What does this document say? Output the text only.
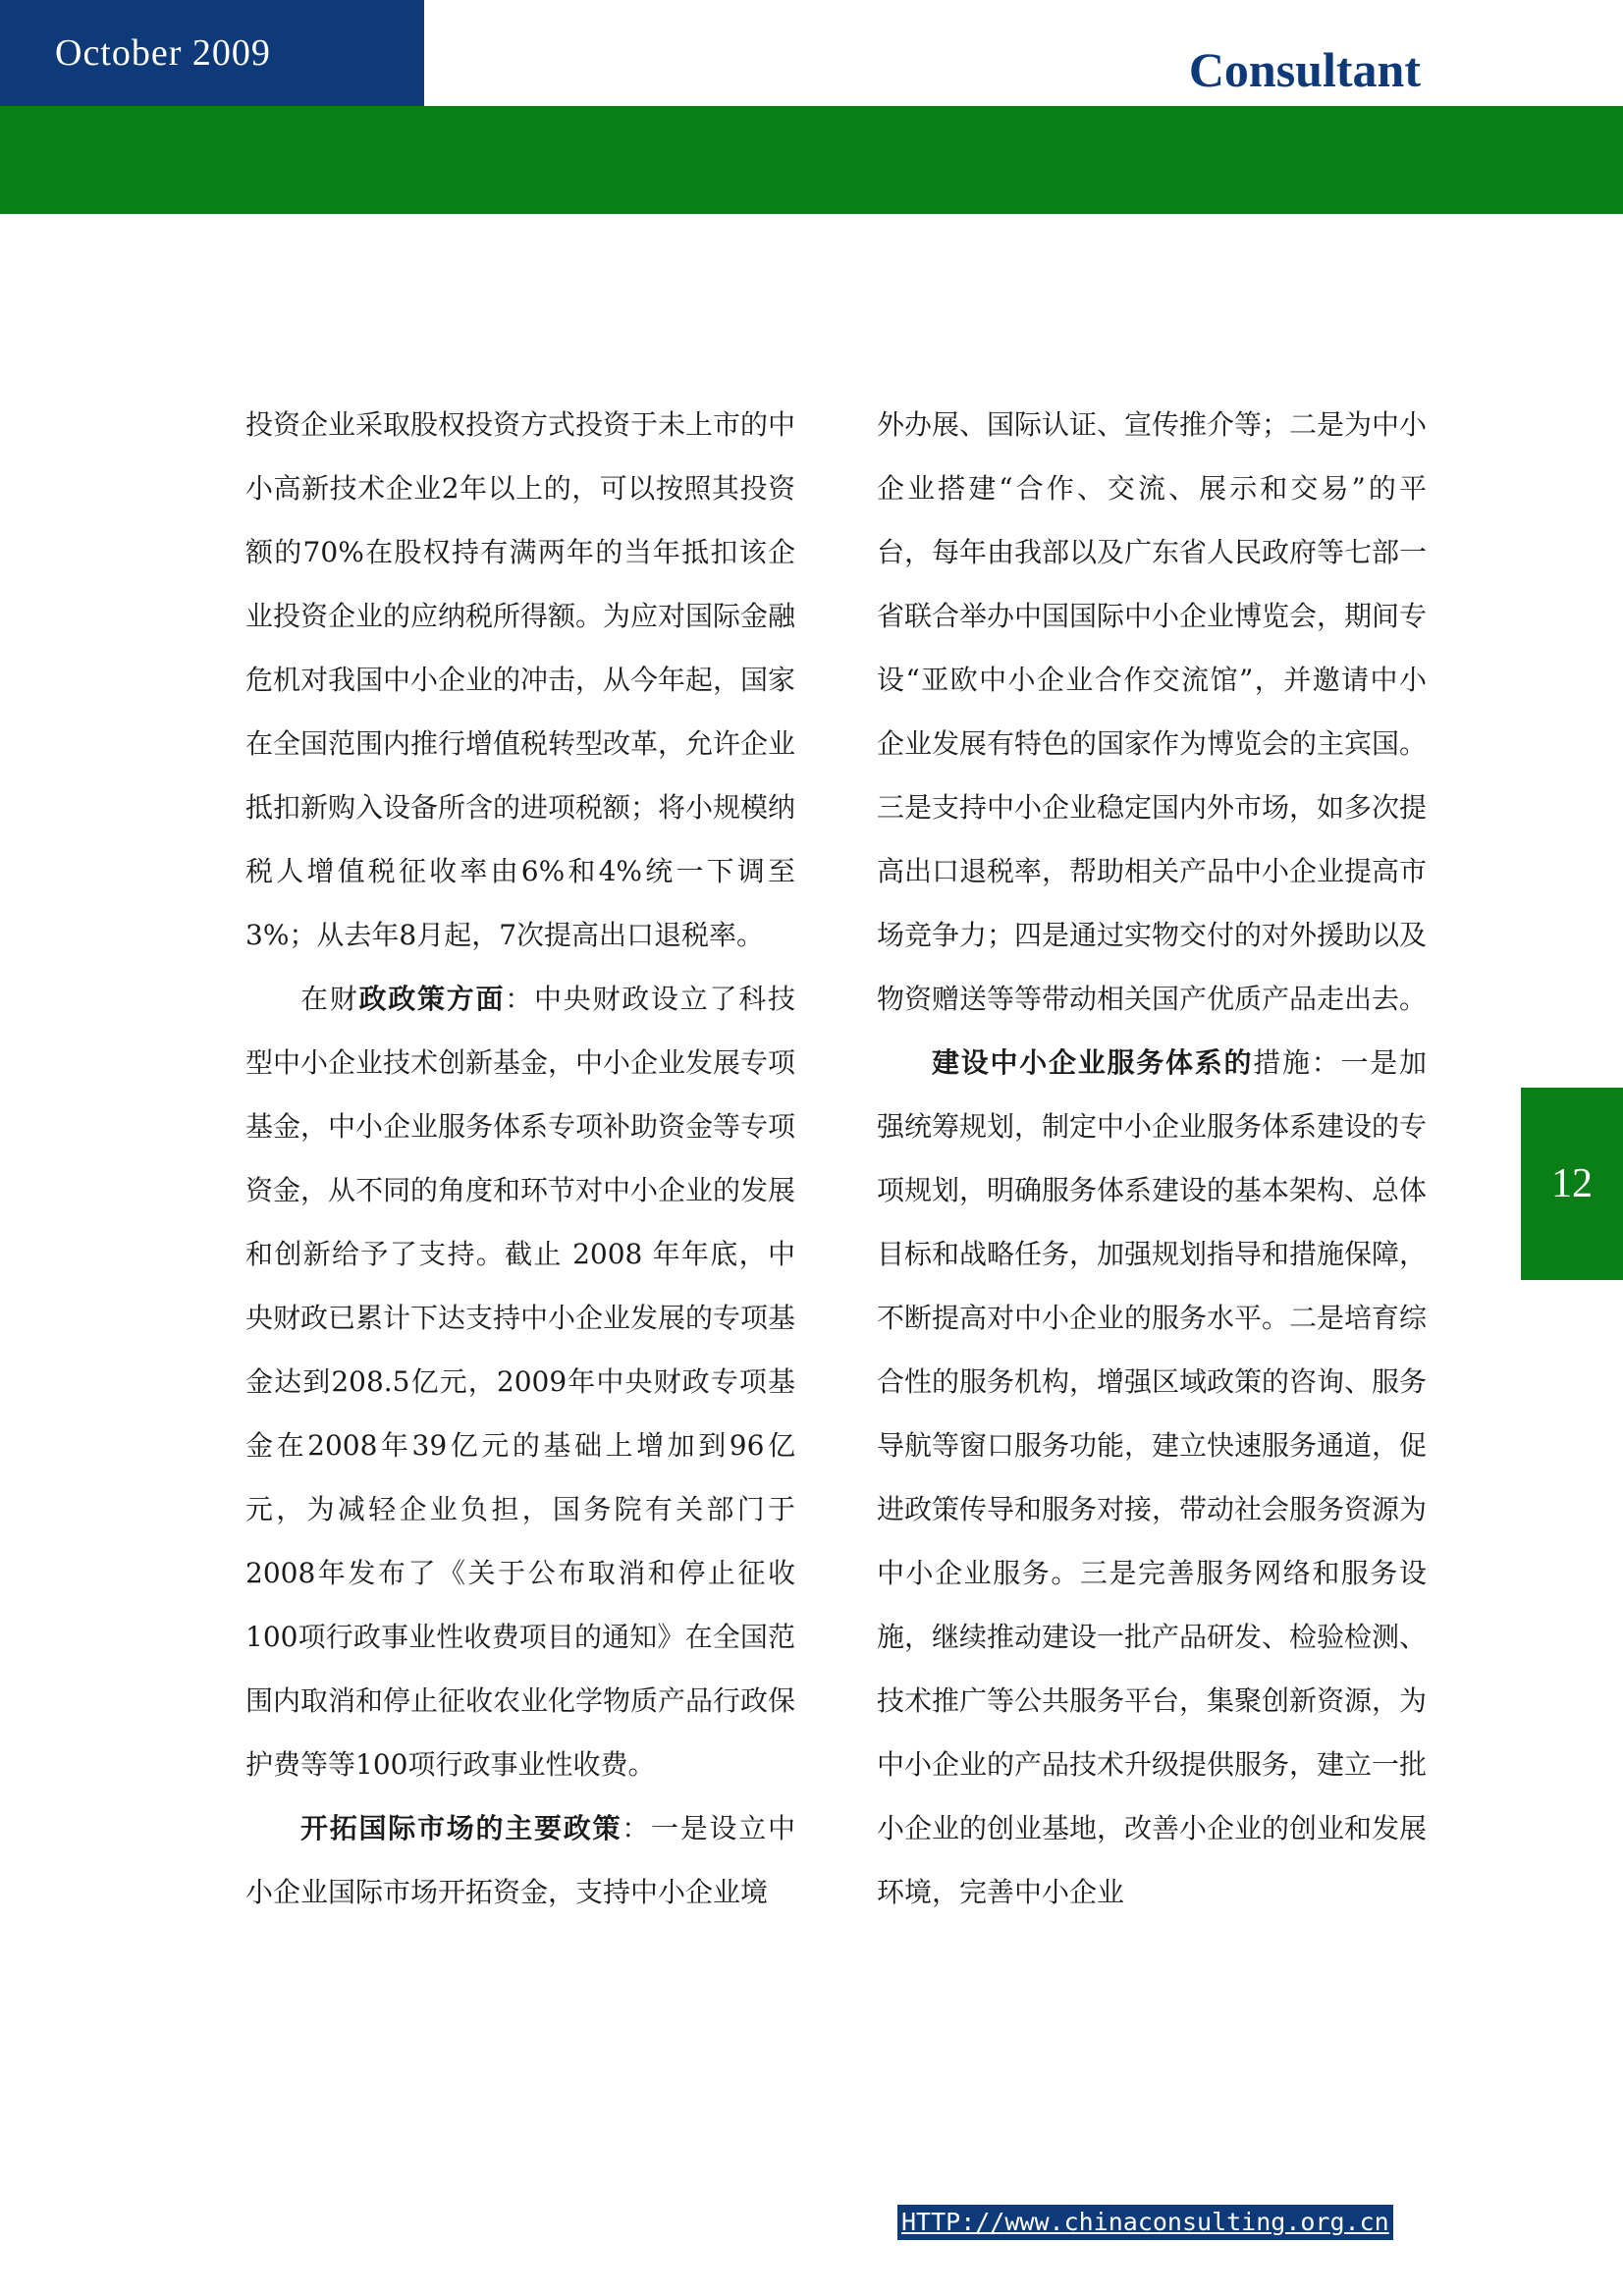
October 2009	Consultant

投资企业采取股权投资方式投资于未上市的中小高新技术企业2年以上的，可以按照其投资额的70%在股权持有满两年的当年抵扣该企业投资企业的应纳税所得额。为应对国际金融危机对我国中小企业的冲击，从今年起，国家在全国范围内推行增值税转型改革，允许企业抵扣新购入设备所含的进项税额；将小规模纳税人增值税征收率由6%和4%统一下调至3%；从去年8月起，7次提高出口退税率。

在财政政策方面：中央财政设立了科技型中小企业技术创新基金，中小企业发展专项基金，中小企业服务体系专项补助资金等专项资金，从不同的角度和环节对中小企业的发展和创新给予了支持。截止 2008 年年底，中央财政已累计下达支持中小企业发展的专项基金达到208.5亿元，2009年中央财政专项基金在2008年39亿元的基础上增加到96亿元，为减轻企业负担，国务院有关部门于2008年发布了《关于公布取消和停止征收100项行政事业性收费项目的通知》在全国范围内取消和停止征收农业化学物质产品行政保护费等等100项行政事业性收费。

开拓国际市场的主要政策：一是设立中小企业国际市场开拓资金，支持中小企业境

外办展、国际认证、宣传推介等；二是为中小企业搭建“合作、交流、展示和交易”的平台，每年由我部以及广东省人民政府等七部一省联合举办中国国际中小企业博览会，期间专设“亚欧中小企业合作交流馆”，并邀请中小企业发展有特色的国家作为博览会的主宾国。三是支持中小企业稳定国内外市场，如多次提高出口退税率，帮助相关产品中小企业提高市场竞争力；四是通过实物交付的对外援助以及物资赠送等等带动相关国产优质产品走出去。

建设中小企业服务体系的措施：一是加强统筹规划，制定中小企业服务体系建设的专项规划，明确服务体系建设的基本架构、总体目标和战略任务，加强规划指导和措施保障，不断提高对中小企业的服务水平。二是培育综合性的服务机构，增强区域政策的咨询、服务导航等窗口服务功能，建立快速服务通道，促进政策传导和服务对接，带动社会服务资源为中小企业服务。三是完善服务网络和服务设施，继续推动建设一批产品研发、检验检测、技术推广等公共服务平台，集聚创新资源，为中小企业的产品技术升级提供服务，建立一批小企业的创业基地，改善小企业的创业和发展环境，完善中小企业

12
HTTP://www.chinaconsulting.org.cn
